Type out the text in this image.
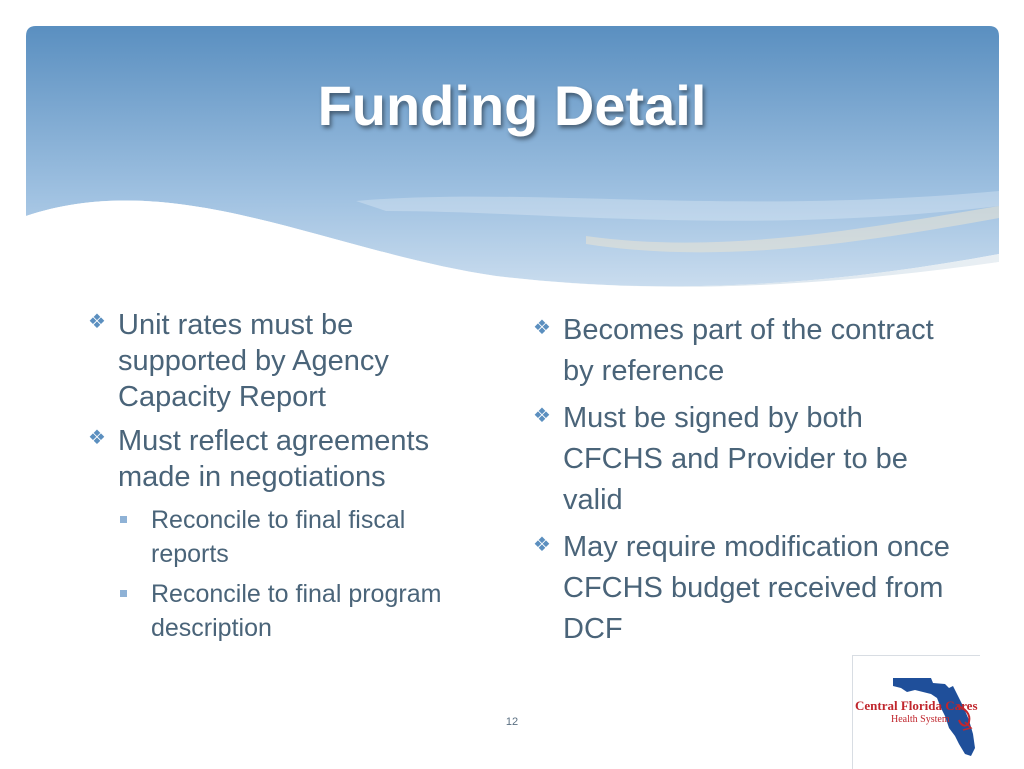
Funding Detail
❖ Unit rates must be supported by Agency Capacity Report
❖ Must reflect agreements made in negotiations
Reconcile to final fiscal reports
Reconcile to final program description
❖ Becomes part of the contract by reference
❖ Must be signed by both CFCHS and Provider to be valid
❖ May require modification once CFCHS budget received from DCF
12
Central Florida Cares
Health System
